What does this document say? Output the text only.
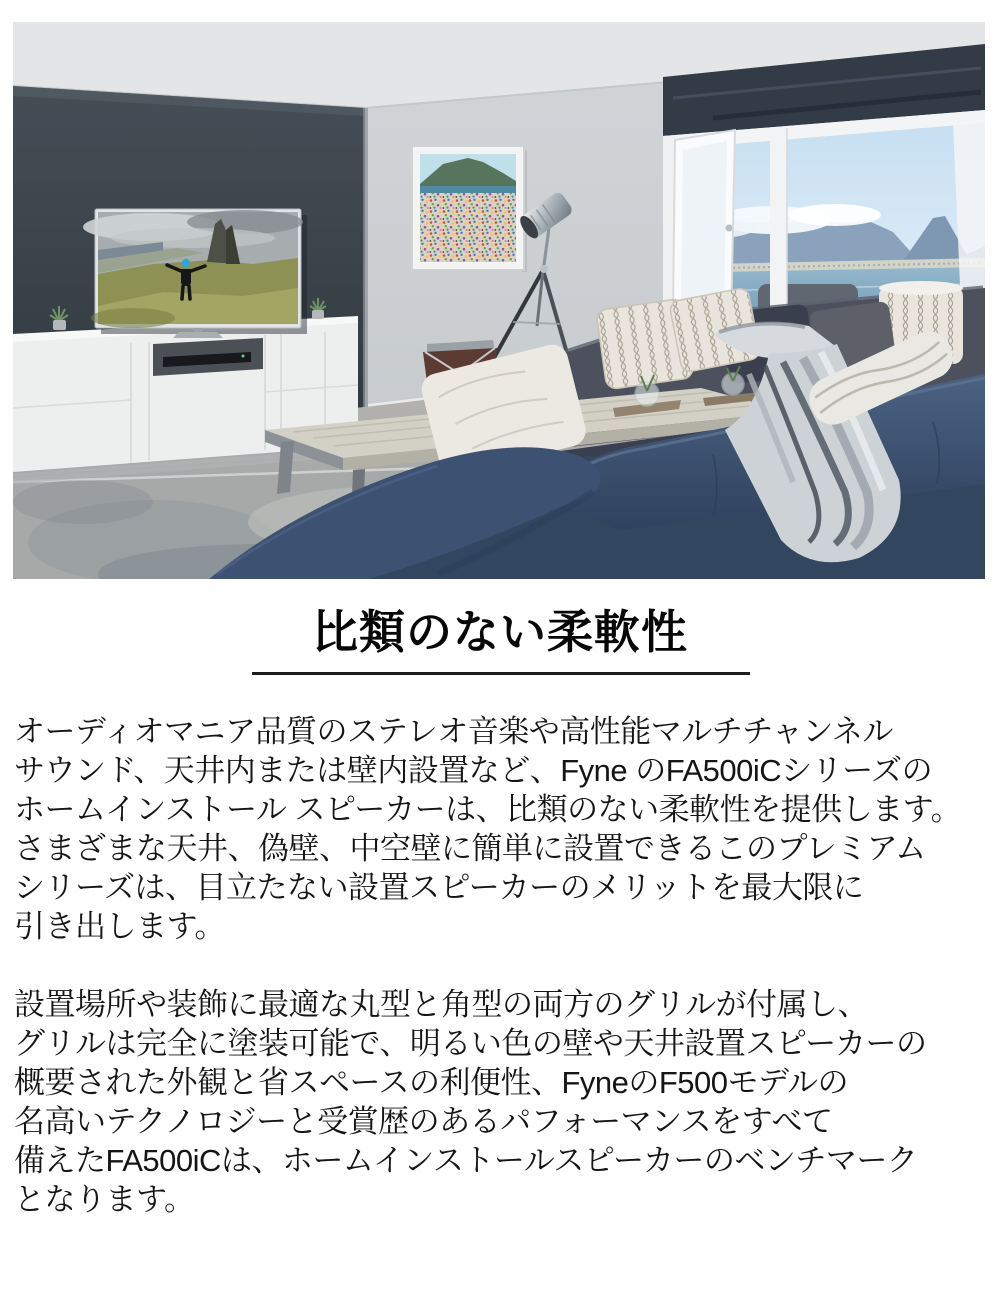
比類のない柔軟性

オーディオマニア品質のステレオ音楽や高性能マルチチャンネル
サウンド、天井内または壁内設置など、Fyne のFA500iCシリーズの
ホームインストール スピーカーは、比類のない柔軟性を提供します。
さまざまな天井、偽壁、中空壁に簡単に設置できるこのプレミアム
シリーズは、目立たない設置スピーカーのメリットを最大限に
引き出します。

設置場所や装飾に最適な丸型と角型の両方のグリルが付属し、
グリルは完全に塗装可能で、明るい色の壁や天井設置スピーカーの
概要された外観と省スペースの利便性、FyneのF500モデルの
名高いテクノロジーと受賞歴のあるパフォーマンスをすべて
備えたFA500iCは、ホームインストールスピーカーのベンチマーク
となります。
